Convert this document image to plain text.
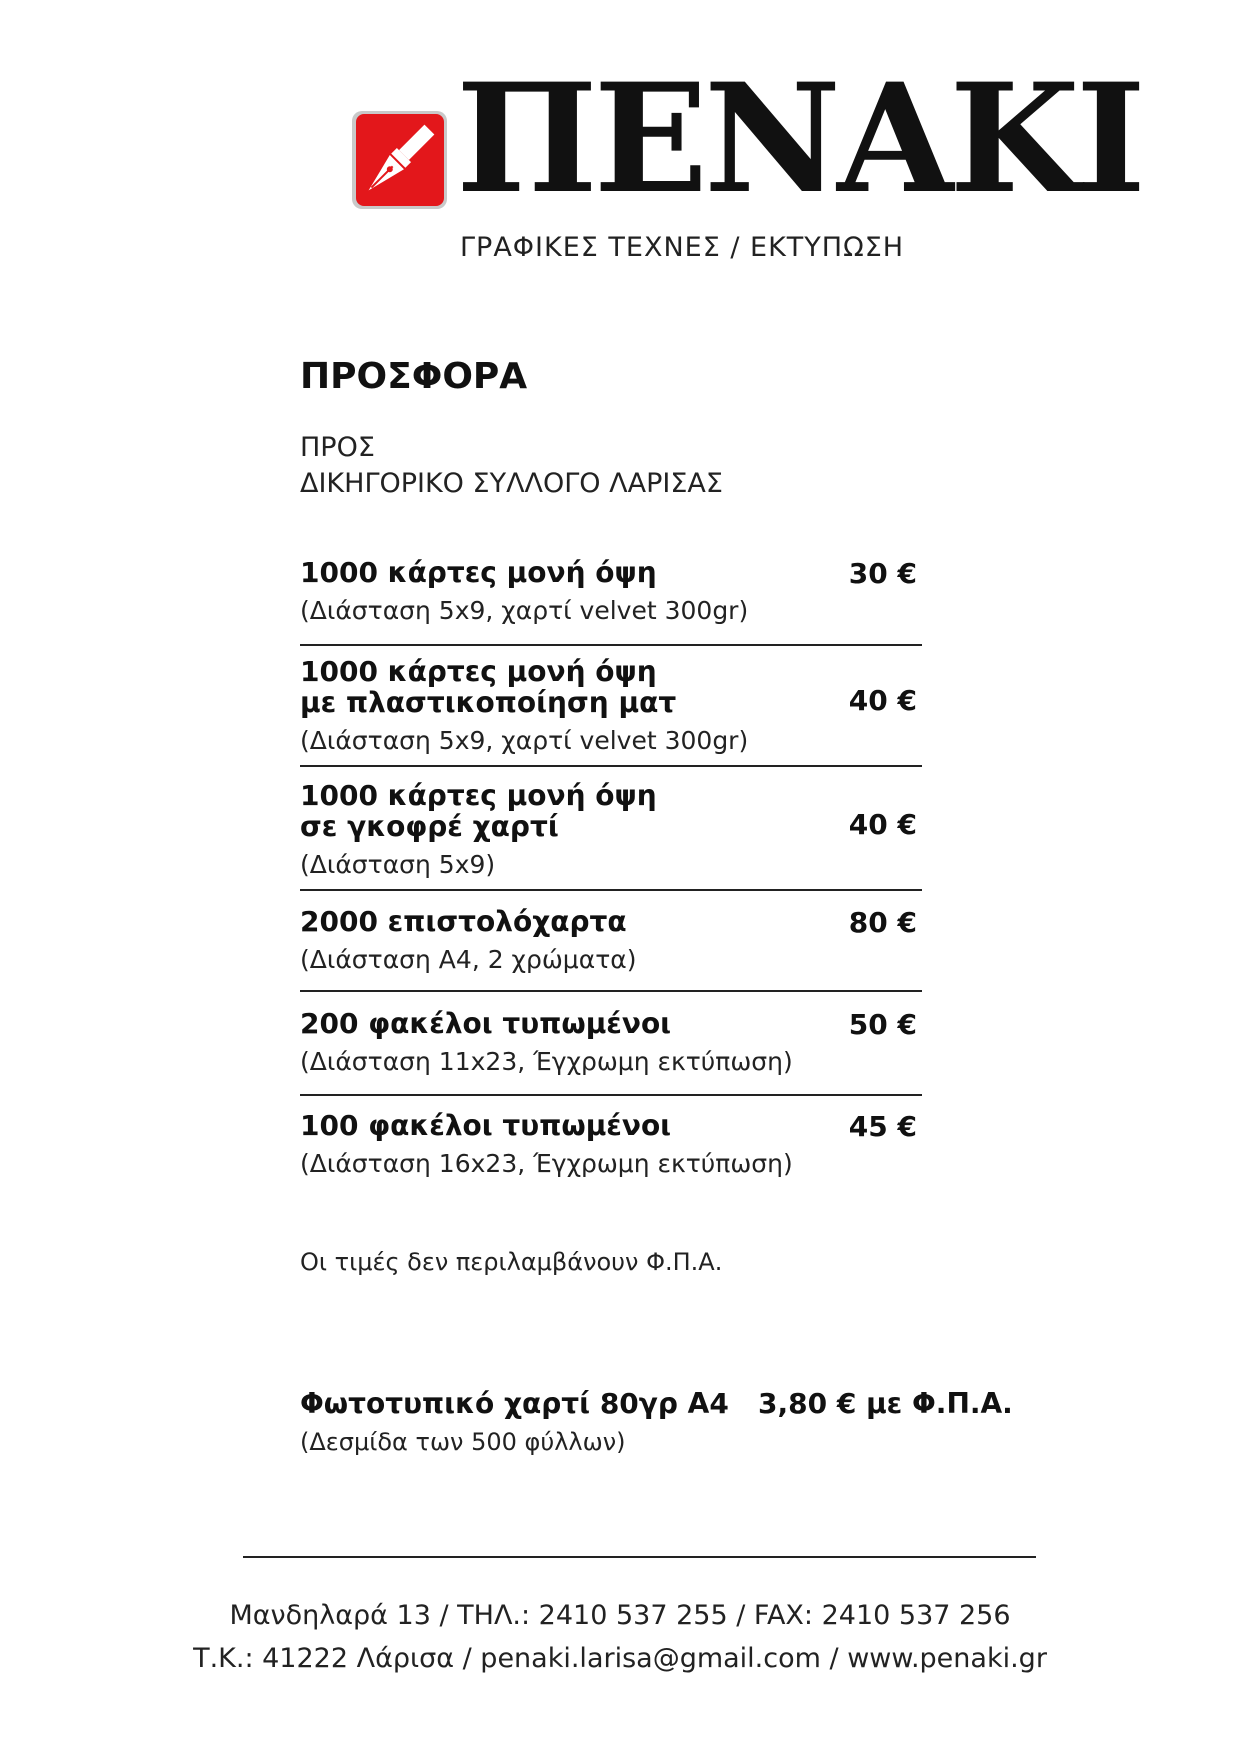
ΠΕΝΑΚΙ
ΓΡΑΦΙΚΕΣ ΤΕΧΝΕΣ / ΕΚΤΥΠΩΣΗ
ΠΡΟΣΦΟΡΑ
ΠΡΟΣ
ΔΙΚΗΓΟΡΙΚΟ ΣΥΛΛΟΓΟ ΛΑΡΙΣΑΣ
1000 κάρτες μονή όψη
(Διάσταση 5x9, χαρτί velvet 300gr)
30 €
1000 κάρτες μονή όψη
με πλαστικοποίηση ματ
(Διάσταση 5x9, χαρτί velvet 300gr)
40 €
1000 κάρτες μονή όψη
σε γκοφρέ χαρτί
(Διάσταση 5x9)
40 €
2000 επιστολόχαρτα
(Διάσταση Α4, 2 χρώματα)
80 €
200 φακέλοι τυπωμένοι
(Διάσταση 11x23, Έγχρωμη εκτύπωση)
50 €
100 φακέλοι τυπωμένοι
(Διάσταση 16x23, Έγχρωμη εκτύπωση)
45 €
Οι τιμές δεν περιλαμβάνουν Φ.Π.Α.
Φωτοτυπικό χαρτί 80γρ Α4 3,80 € με Φ.Π.Α.
(Δεσμίδα των 500 φύλλων)
Μανδηλαρά 13 / ΤΗΛ.: 2410 537 255 / FAX: 2410 537 256
Τ.Κ.: 41222 Λάρισα / penaki.larisa@gmail.com / www.penaki.gr
